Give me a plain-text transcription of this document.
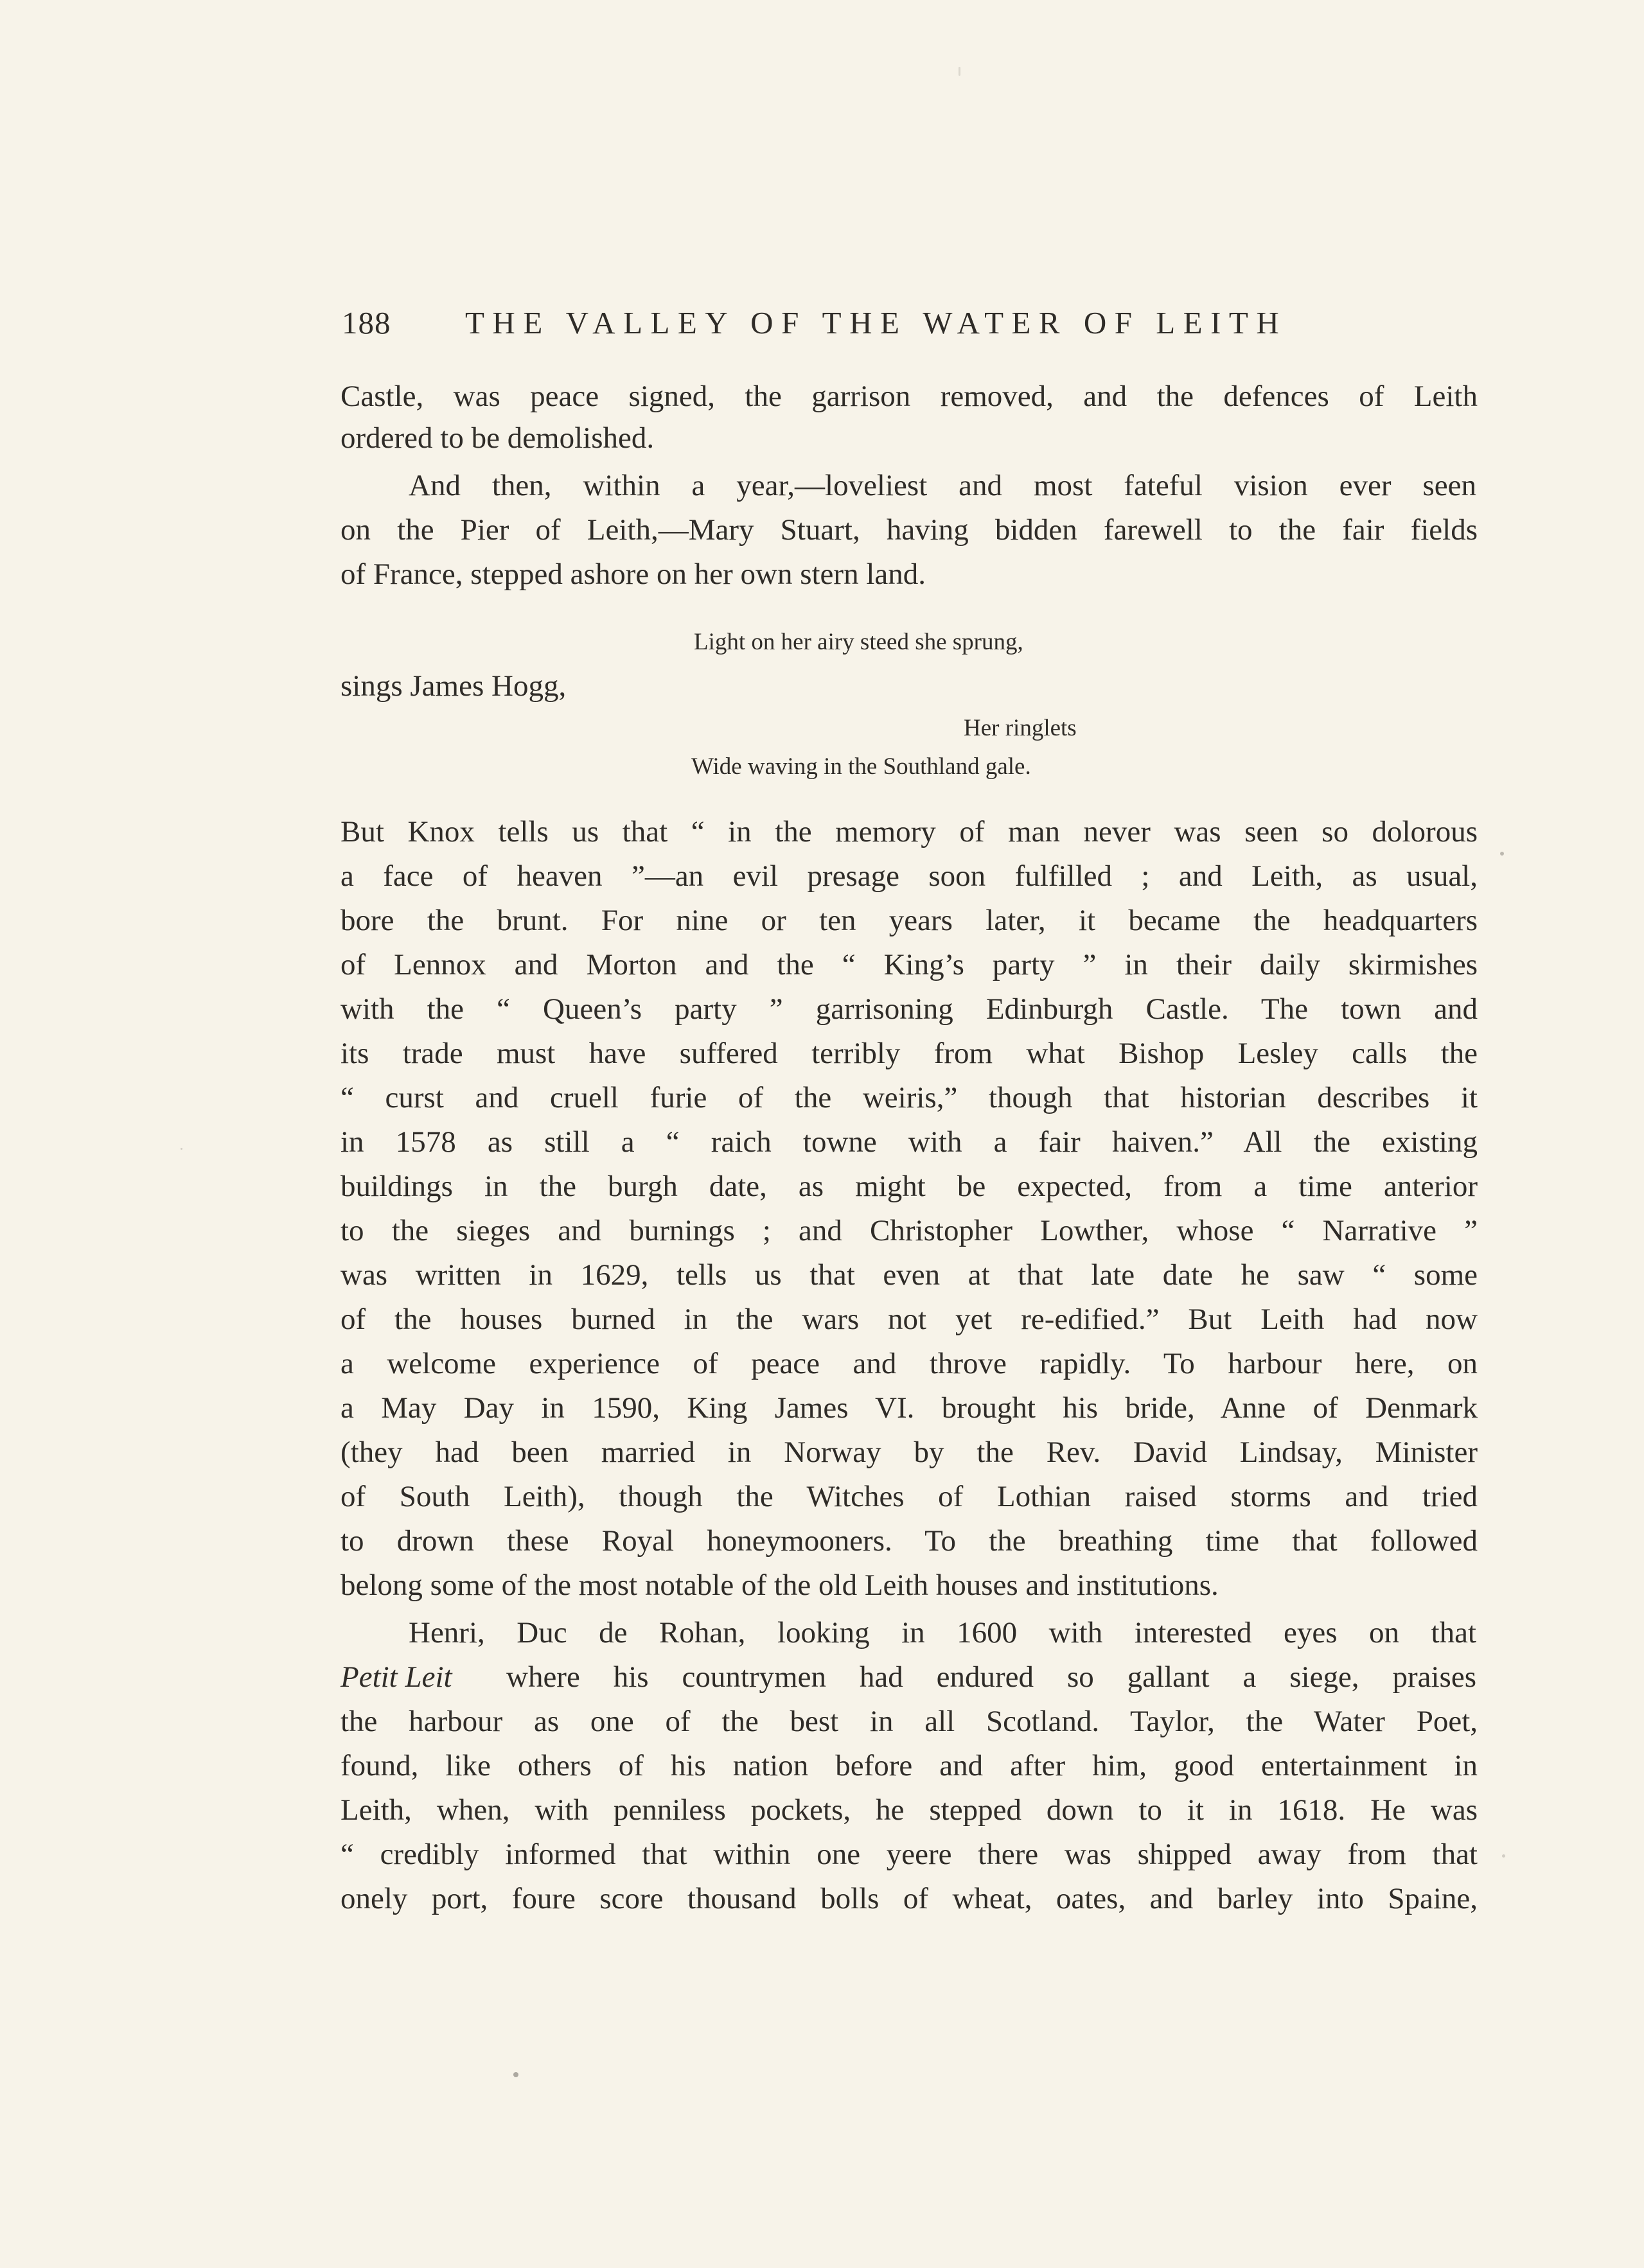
188 THE VALLEY OF THE WATER OF LEITH
Castle, was peace signed, the garrison removed, and the defences of Leith
ordered to be demolished.
And then, within a year,—loveliest and most fateful vision ever seen
on the Pier of Leith,—Mary Stuart, having bidden farewell to the fair fields
of France, stepped ashore on her own stern land.
Light on her airy steed she sprung,
sings James Hogg,
Her ringlets
Wide waving in the Southland gale.
But Knox tells us that “ in the memory of man never was seen so dolorous
a face of heaven ”—an evil presage soon fulfilled ; and Leith, as usual,
bore the brunt. For nine or ten years later, it became the headquarters
of Lennox and Morton and the “ King’s party ” in their daily skirmishes
with the “ Queen’s party ” garrisoning Edinburgh Castle. The town and
its trade must have suffered terribly from what Bishop Lesley calls the
“ curst and cruell furie of the weiris,” though that historian describes it
in 1578 as still a “ raich towne with a fair haiven.” All the existing
buildings in the burgh date, as might be expected, from a time anterior
to the sieges and burnings ; and Christopher Lowther, whose “ Narrative ”
was written in 1629, tells us that even at that late date he saw “ some
of the houses burned in the wars not yet re-edified.” But Leith had now
a welcome experience of peace and throve rapidly. To harbour here, on
a May Day in 1590, King James VI. brought his bride, Anne of Denmark
(they had been married in Norway by the Rev. David Lindsay, Minister
of South Leith), though the Witches of Lothian raised storms and tried
to drown these Royal honeymooners. To the breathing time that followed
belong some of the most notable of the old Leith houses and institutions.
Henri, Duc de Rohan, looking in 1600 with interested eyes on that
Petit Leit where his countrymen had endured so gallant a siege, praises
the harbour as one of the best in all Scotland. Taylor, the Water Poet,
found, like others of his nation before and after him, good entertainment in
Leith, when, with penniless pockets, he stepped down to it in 1618. He was
“ credibly informed that within one yeere there was shipped away from that
onely port, foure score thousand bolls of wheat, oates, and barley into Spaine,
